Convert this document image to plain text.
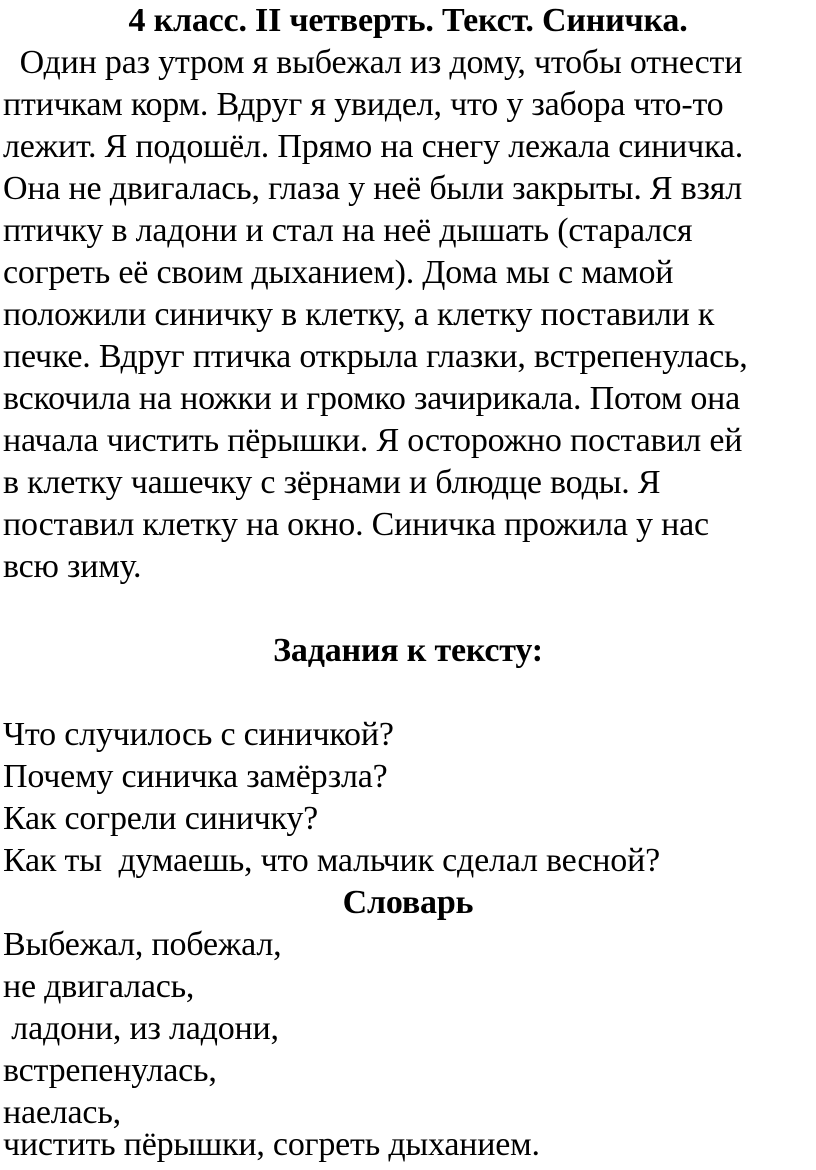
4 класс. II четверть. Текст. Синичка.
Один раз утром я выбежал из дому, чтобы отнести
птичкам корм. Вдруг я увидел, что у забора что-то
лежит. Я подошёл. Прямо на снегу лежала синичка.
Она не двигалась, глаза у неё были закрыты. Я взял
птичку в ладони и стал на неё дышать (старался
согреть её своим дыханием). Дома мы с мамой
положили синичку в клетку, а клетку поставили к
печке. Вдруг птичка открыла глазки, встрепенулась,
вскочила на ножки и громко зачирикала. Потом она
начала чистить пёрышки. Я осторожно поставил ей
в клетку чашечку с зёрнами и блюдце воды. Я
поставил клетку на окно. Синичка прожила у нас
всю зиму.
Задания к тексту:
Что случилось с синичкой?
Почему синичка замёрзла?
Как согрели синичку?
Как ты  думаешь, что мальчик сделал весной?
Словарь
Выбежал, побежал,
не двигалась,
ладони, из ладони,
встрепенулась,
наелась,
чистить пёрышки, согреть дыханием.
